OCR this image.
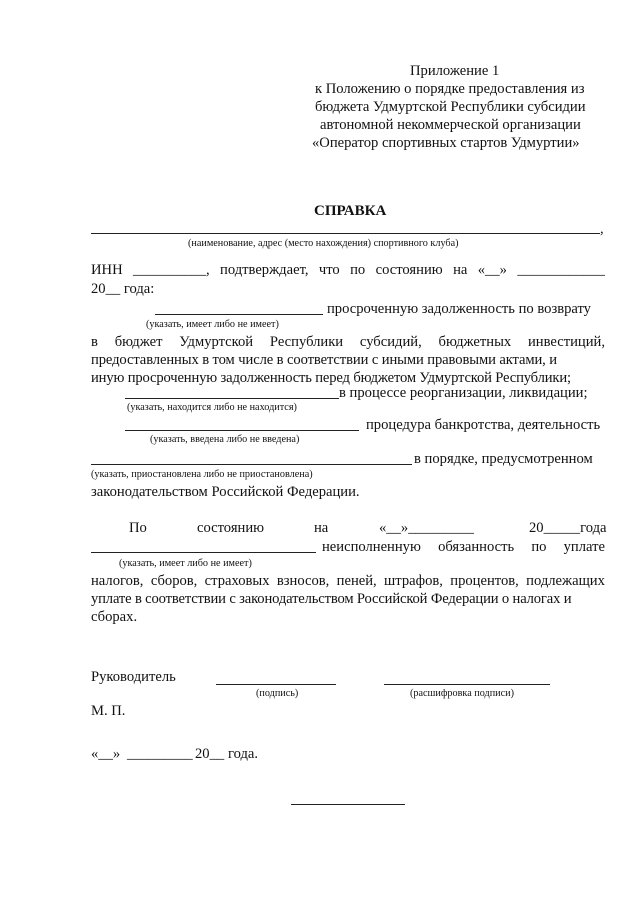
Приложение 1
к Положению о порядке предоставления из
бюджета Удмуртской Республики субсидии
автономной некоммерческой организации
«Оператор спортивных стартов Удмуртии»
СПРАВКА
,
(наименование, адрес (место нахождения) спортивного клуба)
ИНН __________, подтверждает, что по состоянию на «__» ____________
20__ года:
просроченную задолженность по возврату
(указать, имеет либо не имеет)
в бюджет Удмуртской Республики субсидий, бюджетных инвестиций,
предоставленных в том числе в соответствии с иными правовыми актами, и
иную просроченную задолженность перед бюджетом Удмуртской Республики;
в процессе реорганизации, ликвидации;
(указать, находится либо не находится)
процедура банкротства, деятельность
(указать, введена либо не введена)
в порядке, предусмотренном
(указать, приостановлена либо не приостановлена)
законодательством Российской Федерации.
По	состоянию	на	«__»_________	20_____года
неисполненную обязанность по уплате
(указать, имеет либо не имеет)
налогов, сборов, страховых взносов, пеней, штрафов, процентов, подлежащих
уплате в соответствии с законодательством Российской Федерации о налогах и
сборах.
Руководитель
(подпись)	(расшифровка подписи)
М. П.
«__» _________ 20__ года.
